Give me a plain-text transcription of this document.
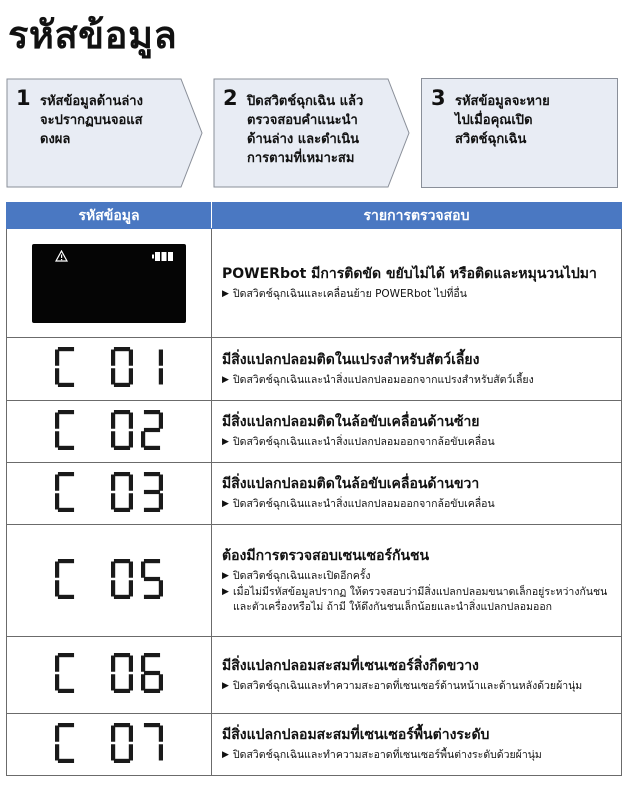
รหัสข้อมูล
1 รหัสข้อมูลด้านล่าง
จะปรากฏบนจอแส
ดงผล
2 ปิดสวิตช์ฉุกเฉิน แล้ว
ตรวจสอบคำแนะนำ
ด้านล่าง และดำเนิน
การตามที่เหมาะสม
3 รหัสข้อมูลจะหาย
ไปเมื่อคุณเปิด
สวิตช์ฉุกเฉิน
รหัสข้อมูล	รายการตรวจสอบ

POWERbot มีการติดขัด ขยับไม่ได้ หรือติดและหมุนวนไปมา
▶ ปิดสวิตช์ฉุกเฉินและเคลื่อนย้าย POWERbot ไปที่อื่น

มีสิ่งแปลกปลอมติดในแปรงสำหรับสัตว์เลี้ยง
▶ ปิดสวิตช์ฉุกเฉินและนำสิ่งแปลกปลอมออกจากแปรงสำหรับสัตว์เลี้ยง

มีสิ่งแปลกปลอมติดในล้อขับเคลื่อนด้านซ้าย
▶ ปิดสวิตช์ฉุกเฉินและนำสิ่งแปลกปลอมออกจากล้อขับเคลื่อน

มีสิ่งแปลกปลอมติดในล้อขับเคลื่อนด้านขวา
▶ ปิดสวิตช์ฉุกเฉินและนำสิ่งแปลกปลอมออกจากล้อขับเคลื่อน

ต้องมีการตรวจสอบเซนเซอร์กันชน
▶ ปิดสวิตช์ฉุกเฉินและเปิดอีกครั้ง
▶ เมื่อไม่มีรหัสข้อมูลปรากฏ ให้ตรวจสอบว่ามีสิ่งแปลกปลอมขนาดเล็กอยู่ระหว่างกันชนและตัวเครื่องหรือไม่ ถ้ามี ให้ดึงกันชนเล็กน้อยและนำสิ่งแปลกปลอมออก

มีสิ่งแปลกปลอมสะสมที่เซนเซอร์สิ่งกีดขวาง
▶ ปิดสวิตช์ฉุกเฉินและทำความสะอาดที่เซนเซอร์ด้านหน้าและด้านหลังด้วยผ้านุ่ม

มีสิ่งแปลกปลอมสะสมที่เซนเซอร์พื้นต่างระดับ
▶ ปิดสวิตช์ฉุกเฉินและทำความสะอาดที่เซนเซอร์พื้นต่างระดับด้วยผ้านุ่ม
